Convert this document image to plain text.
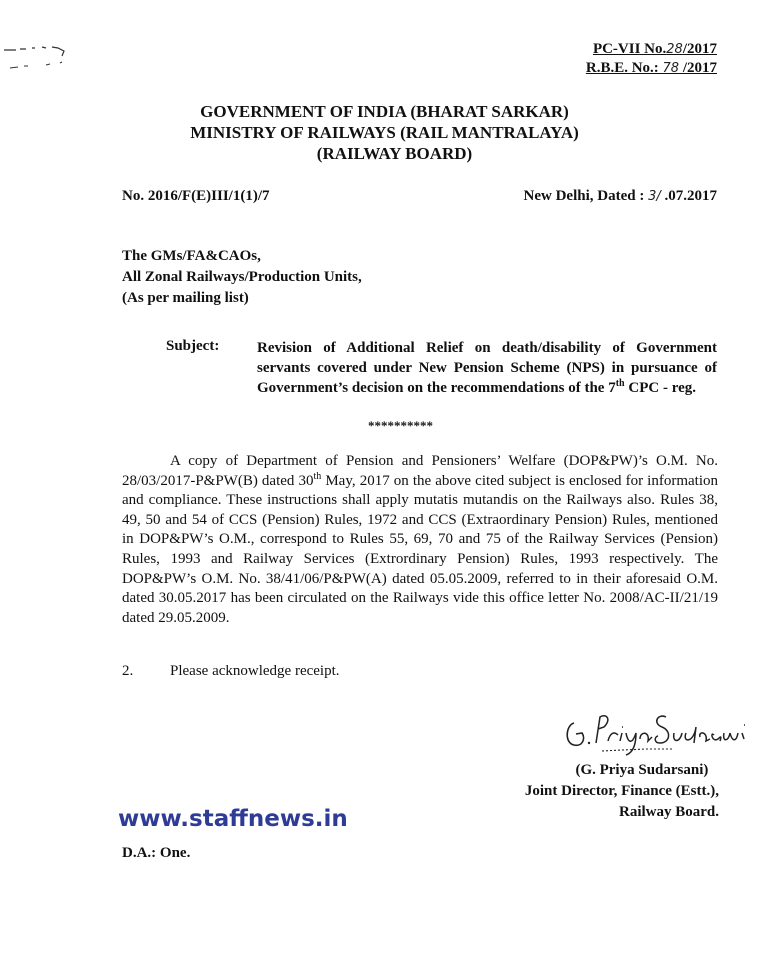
PC-VII No.28/2017
R.B.E. No.: 78 /2017
GOVERNMENT OF INDIA (BHARAT SARKAR)
MINISTRY OF RAILWAYS (RAIL MANTRALAYA)
(RAILWAY BOARD)
No. 2016/F(E)III/1(1)/7	New Delhi, Dated : 3/ .07.2017
The GMs/FA&CAOs,
All Zonal Railways/Production Units,
(As per mailing list)
Subject:	Revision of Additional Relief on death/disability of Government servants covered under New Pension Scheme (NPS) in pursuance of Government’s decision on the recommendations of the 7th CPC - reg.
**********
A copy of Department of Pension and Pensioners’ Welfare (DOP&PW)’s O.M. No. 28/03/2017-P&PW(B) dated 30th May, 2017 on the above cited subject is enclosed for information and compliance. These instructions shall apply mutatis mutandis on the Railways also. Rules 38, 49, 50 and 54 of CCS (Pension) Rules, 1972 and CCS (Extraordinary Pension) Rules, mentioned in DOP&PW’s O.M., correspond to Rules 55, 69, 70 and 75 of the Railway Services (Pension) Rules, 1993 and Railway Services (Extrordinary Pension) Rules, 1993 respectively. The DOP&PW’s O.M. No. 38/41/06/P&PW(A) dated 05.05.2009, referred to in their aforesaid O.M. dated 30.05.2017 has been circulated on the Railways vide this office letter No. 2008/AC-II/21/19 dated 29.05.2009.
2. Please acknowledge receipt.
(G. Priya Sudarsani)
Joint Director, Finance (Estt.),
Railway Board.
www.staffnews.in
D.A.: One.
